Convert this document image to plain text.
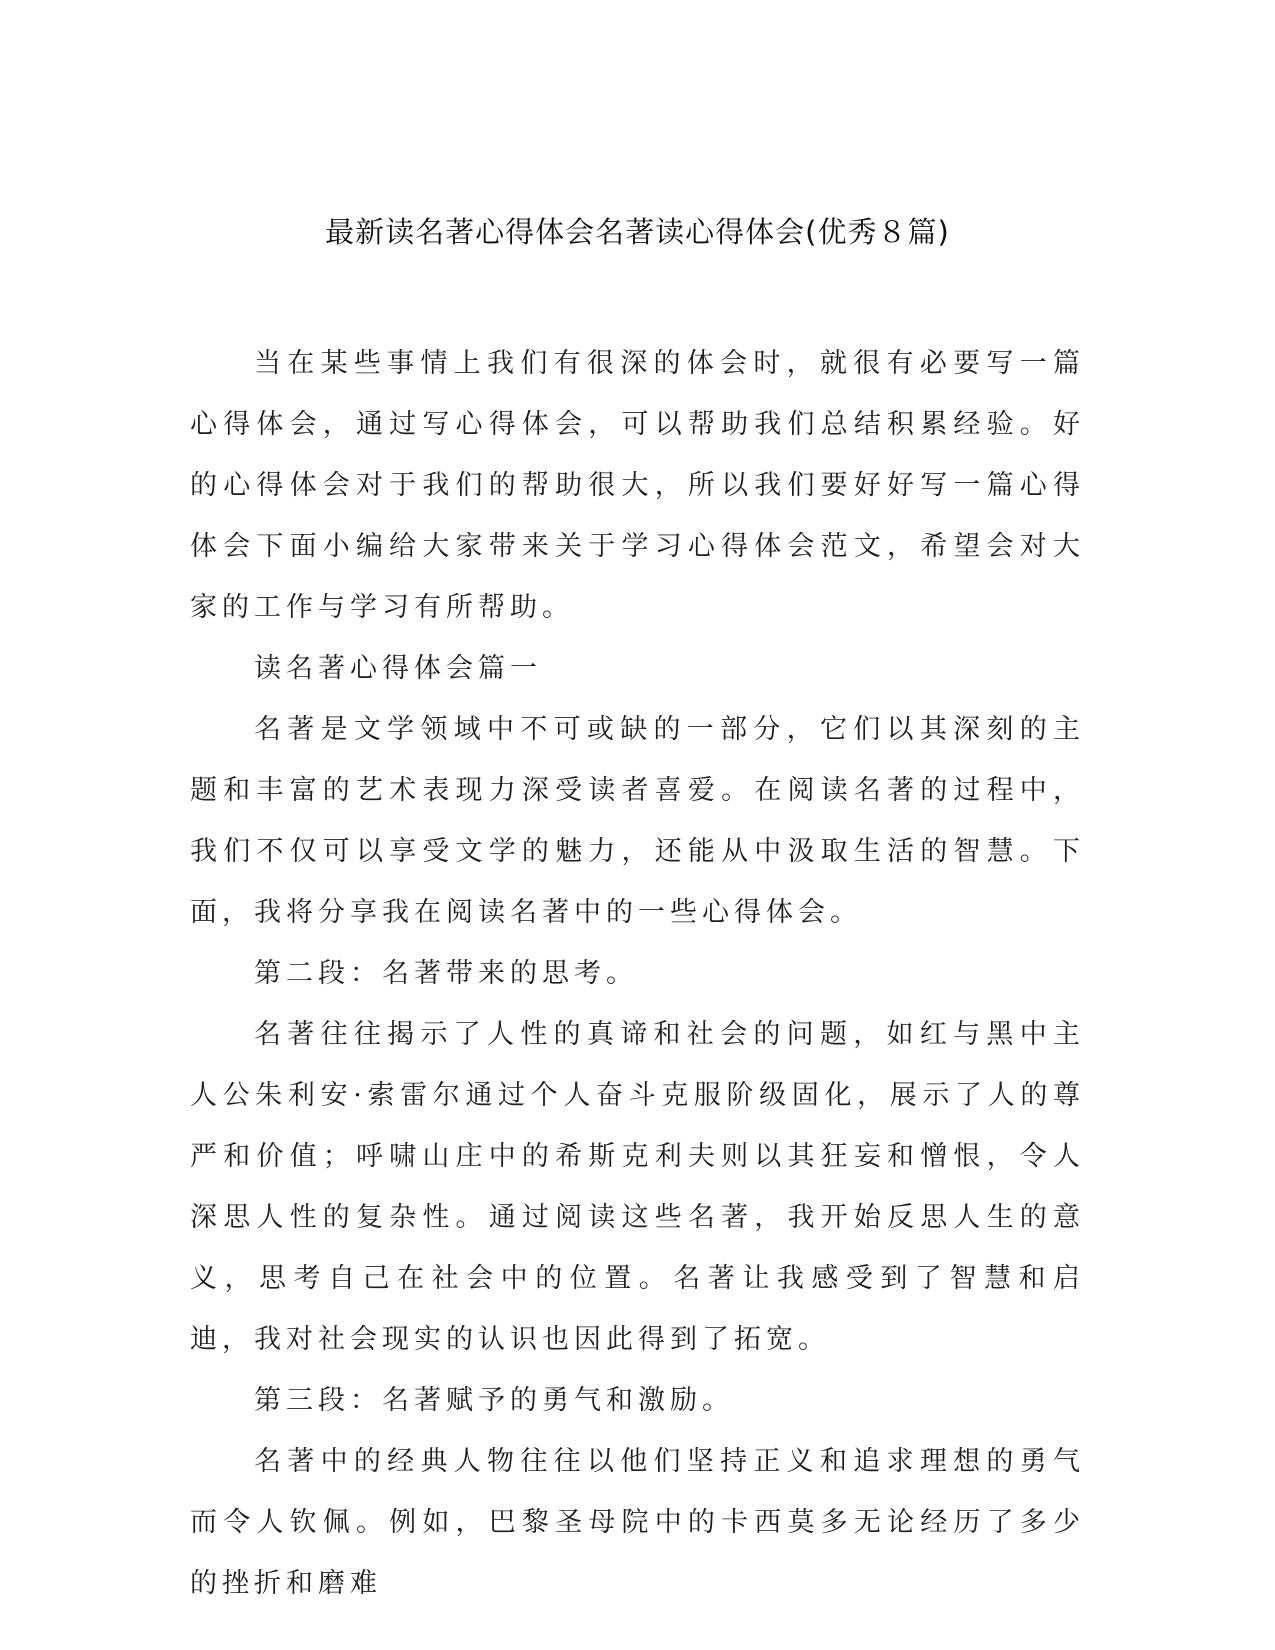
最新读名著心得体会名著读心得体会(优秀８篇)

当在某些事情上我们有很深的体会时，就很有必要写一篇心得体会，通过写心得体会，可以帮助我们总结积累经验。好的心得体会对于我们的帮助很大，所以我们要好好写一篇心得体会下面小编给大家带来关于学习心得体会范文，希望会对大家的工作与学习有所帮助。

读名著心得体会篇一

名著是文学领域中不可或缺的一部分，它们以其深刻的主题和丰富的艺术表现力深受读者喜爱。在阅读名著的过程中，我们不仅可以享受文学的魅力，还能从中汲取生活的智慧。下面，我将分享我在阅读名著中的一些心得体会。

第二段：名著带来的思考。

名著往往揭示了人性的真谛和社会的问题，如红与黑中主人公朱利安·索雷尔通过个人奋斗克服阶级固化，展示了人的尊严和价值；呼啸山庄中的希斯克利夫则以其狂妄和憎恨，令人深思人性的复杂性。通过阅读这些名著，我开始反思人生的意义，思考自己在社会中的位置。名著让我感受到了智慧和启迪，我对社会现实的认识也因此得到了拓宽。

第三段：名著赋予的勇气和激励。

名著中的经典人物往往以他们坚持正义和追求理想的勇气而令人钦佩。例如，巴黎圣母院中的卡西莫多无论经历了多少的挫折和磨难
